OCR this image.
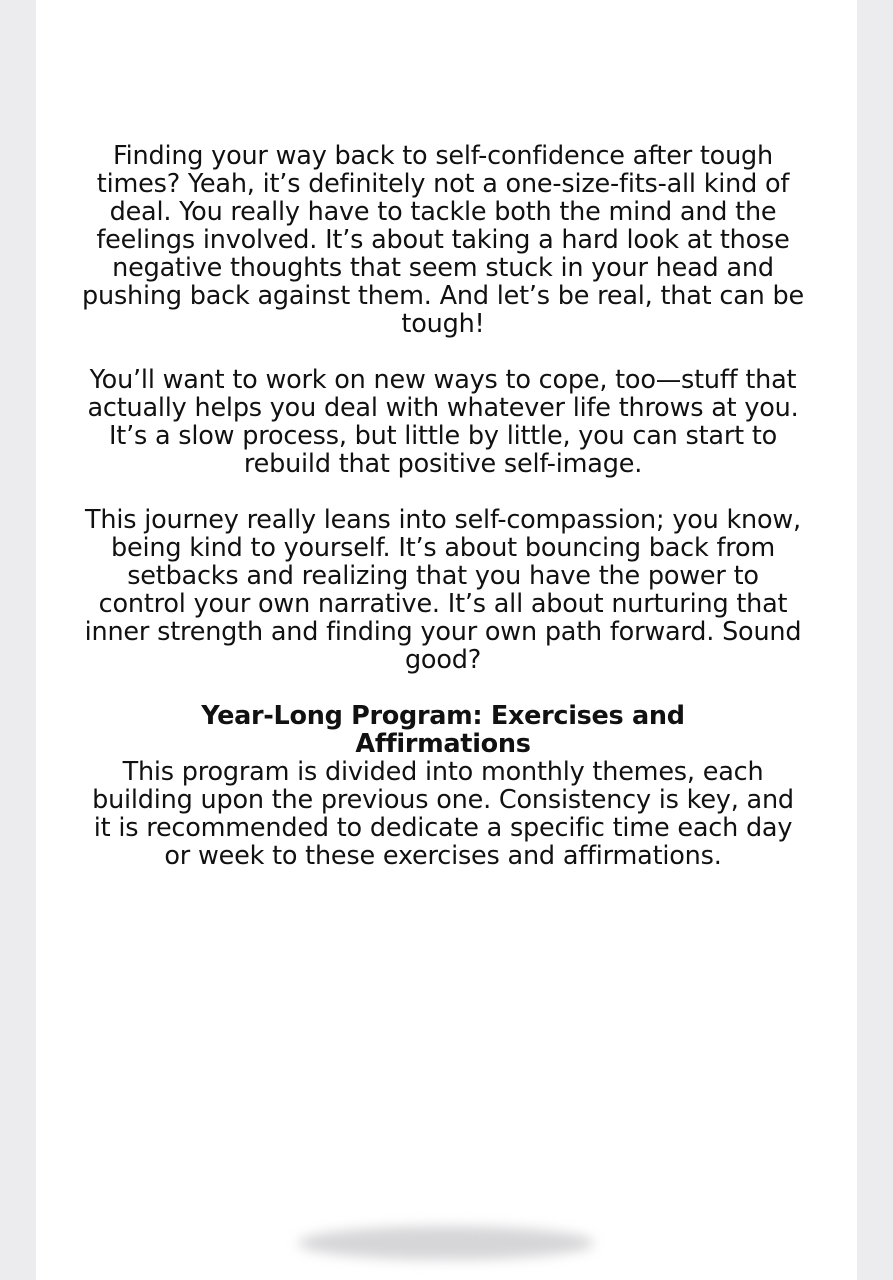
Finding your way back to self-confidence after tough times? Yeah, it’s definitely not a one-size-fits-all kind of deal. You really have to tackle both the mind and the feelings involved. It’s about taking a hard look at those negative thoughts that seem stuck in your head and pushing back against them. And let’s be real, that can be tough!

You’ll want to work on new ways to cope, too—stuff that actually helps you deal with whatever life throws at you. It’s a slow process, but little by little, you can start to rebuild that positive self-image.

This journey really leans into self-compassion; you know, being kind to yourself. It’s about bouncing back from setbacks and realizing that you have the power to control your own narrative. It’s all about nurturing that inner strength and finding your own path forward. Sound good?

Year-Long Program: Exercises and Affirmations

This program is divided into monthly themes, each building upon the previous one. Consistency is key, and it is recommended to dedicate a specific time each day or week to these exercises and affirmations.
